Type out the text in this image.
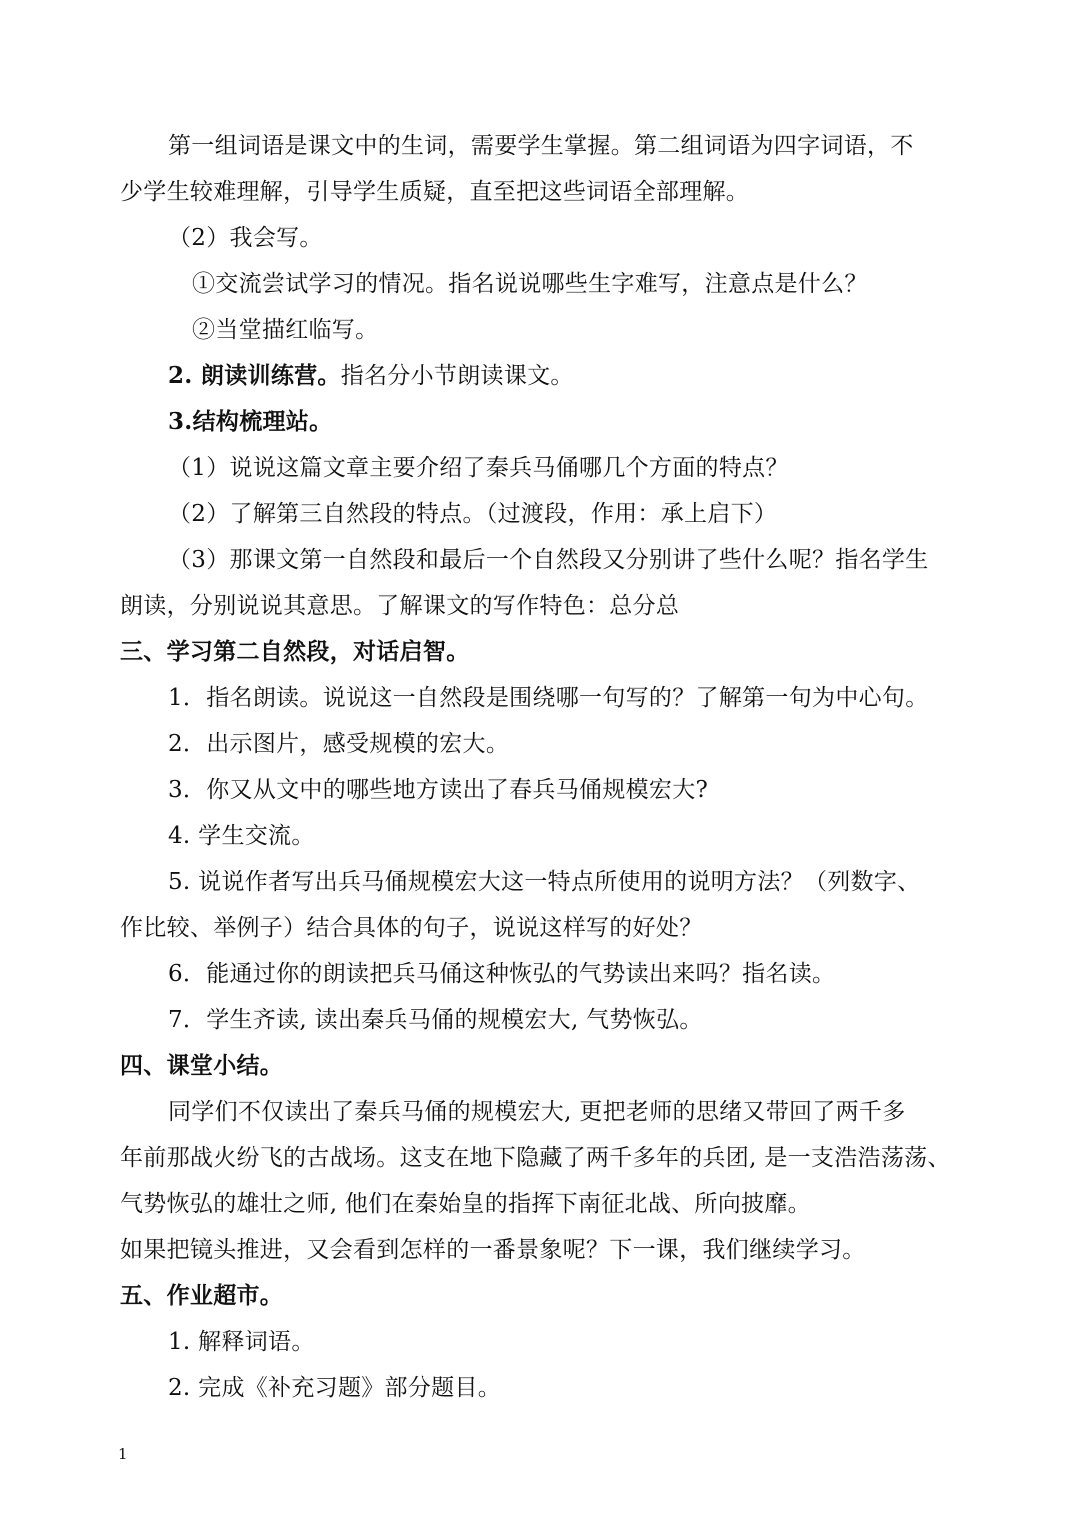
第一组词语是课文中的生词，需要学生掌握。第二组词语为四字词语，不
少学生较难理解，引导学生质疑，直至把这些词语全部理解。
（2）我会写。
①交流尝试学习的情况。指名说说哪些生字难写，注意点是什么？
②当堂描红临写。
2. 朗读训练营。指名分小节朗读课文。
3.结构梳理站。
（1）说说这篇文章主要介绍了秦兵马俑哪几个方面的特点？
（2）了解第三自然段的特点。（过渡段，作用：承上启下）
（3）那课文第一自然段和最后一个自然段又分别讲了些什么呢？指名学生
朗读，分别说说其意思。了解课文的写作特色：总分总
三、学习第二自然段，对话启智。
1．指名朗读。说说这一自然段是围绕哪一句写的？了解第一句为中心句。
2．出示图片，感受规模的宏大。
3．你又从文中的哪些地方读出了春兵马俑规模宏大?
4. 学生交流。
5. 说说作者写出兵马俑规模宏大这一特点所使用的说明方法？（列数字、
作比较、举例子）结合具体的句子，说说这样写的好处？
6．能通过你的朗读把兵马俑这种恢弘的气势读出来吗？指名读。
7．学生齐读, 读出秦兵马俑的规模宏大, 气势恢弘。
四、课堂小结。
同学们不仅读出了秦兵马俑的规模宏大, 更把老师的思绪又带回了两千多
年前那战火纷飞的古战场。这支在地下隐藏了两千多年的兵团, 是一支浩浩荡荡、
气势恢弘的雄壮之师, 他们在秦始皇的指挥下南征北战、所向披靡。
如果把镜头推进，又会看到怎样的一番景象呢？下一课，我们继续学习。
五、作业超市。
1. 解释词语。
2. 完成《补充习题》部分题目。
1
